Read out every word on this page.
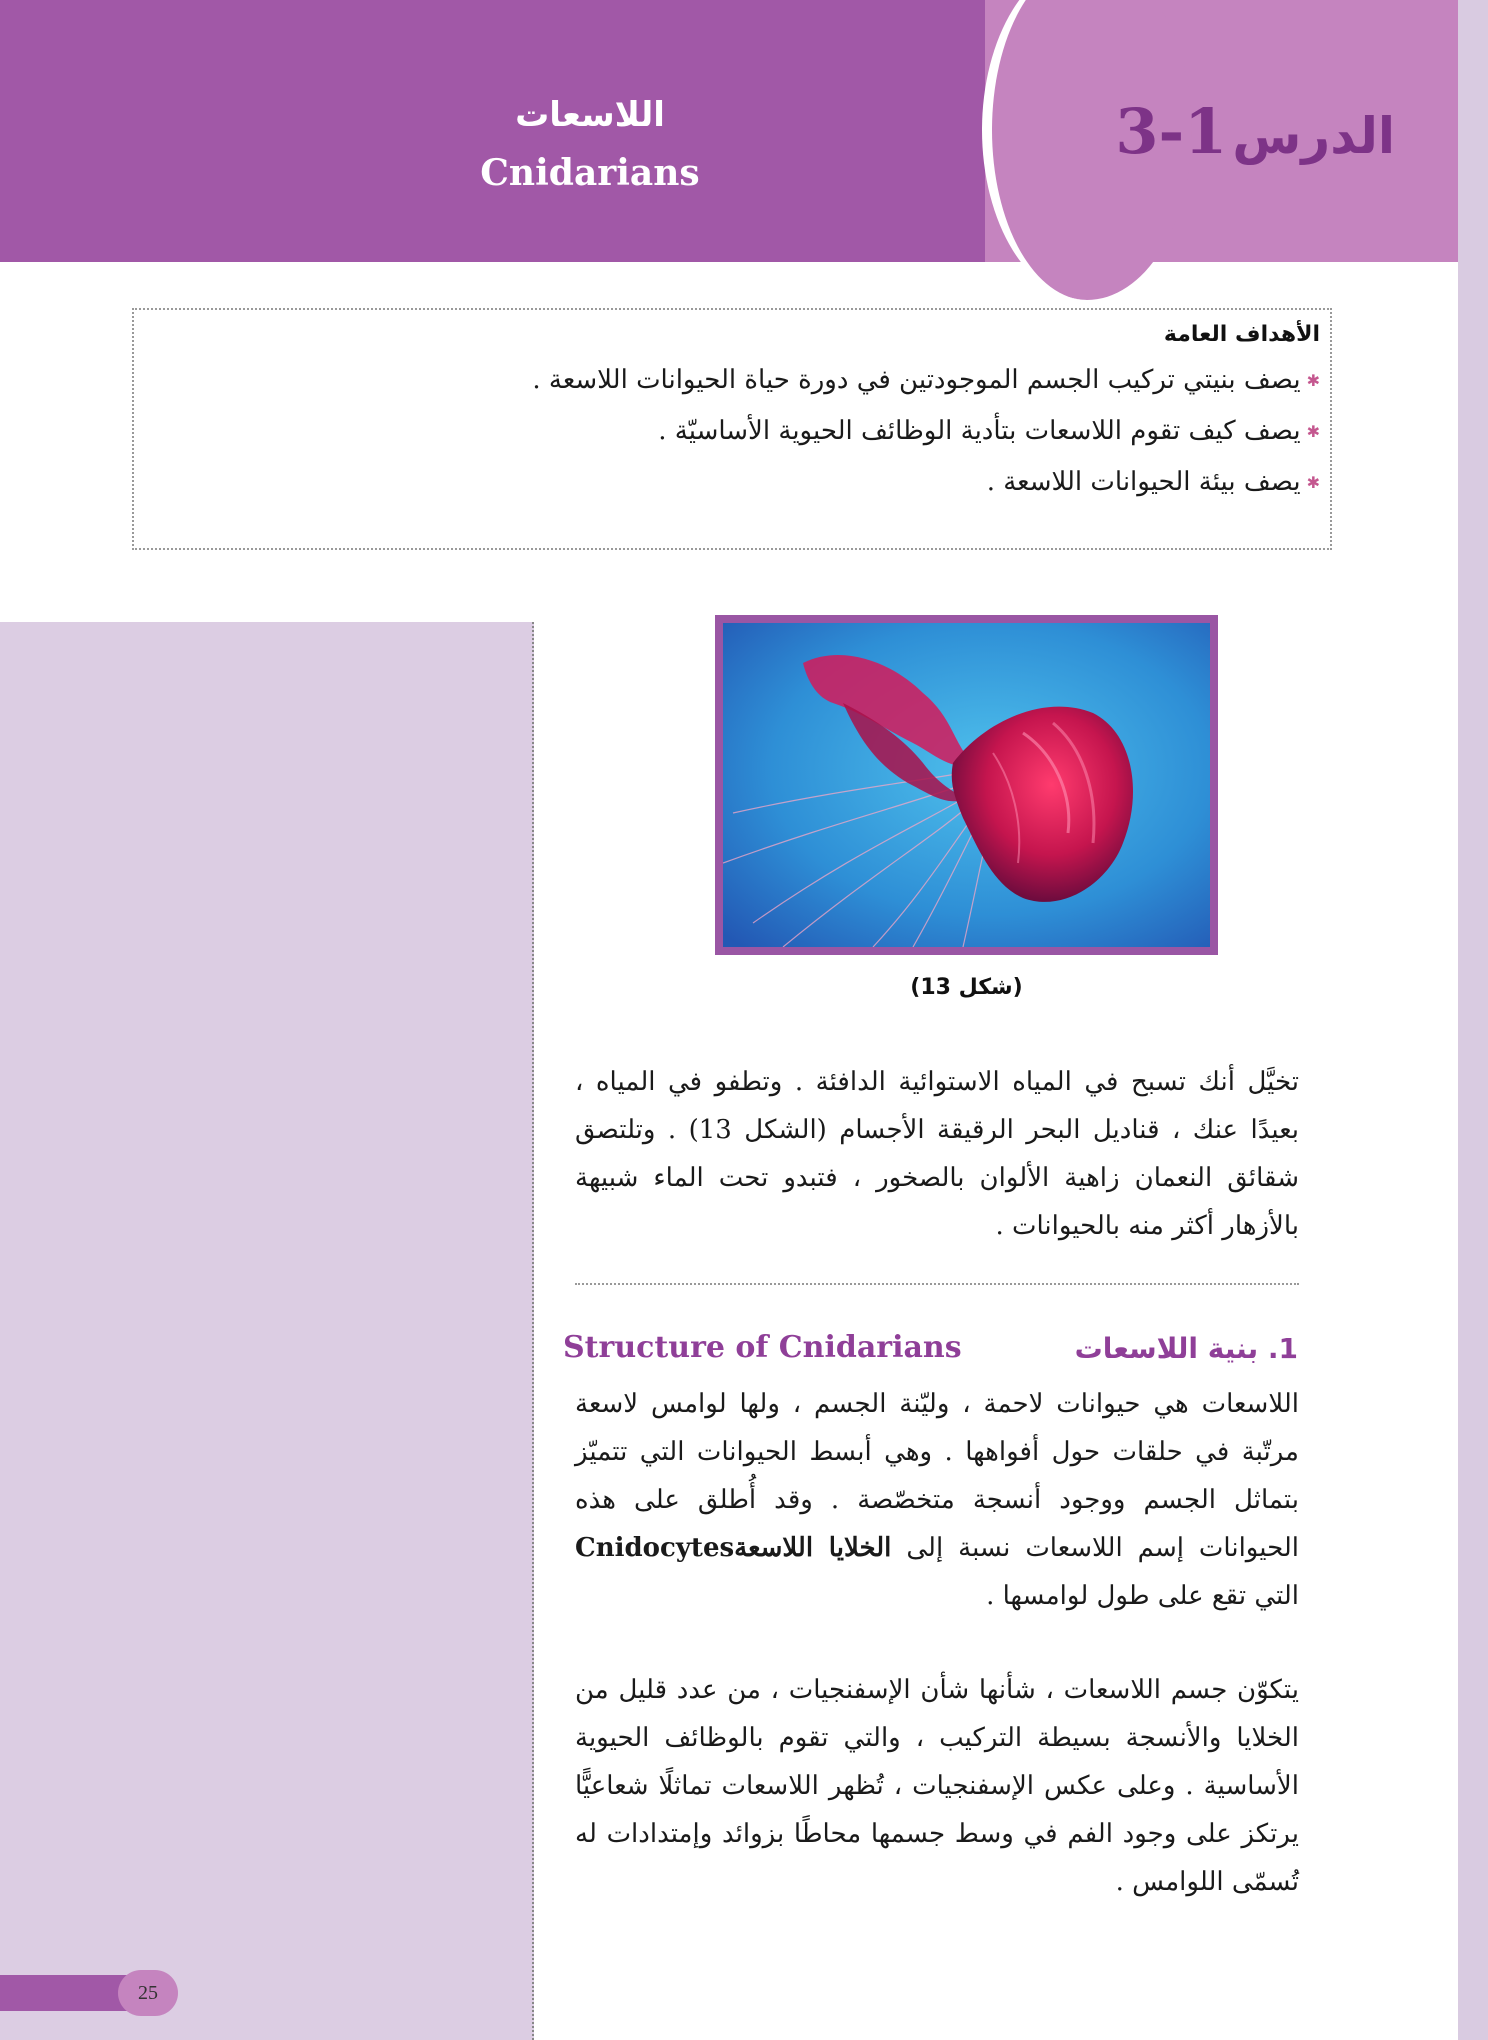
اللاسعات
Cnidarians
الدرس 3-1
الأهداف العامة
✱يصف بنيتي تركيب الجسم الموجودتين في دورة حياة الحيوانات اللاسعة .
✱يصف كيف تقوم اللاسعات بتأدية الوظائف الحيوية الأساسيّة .
✱يصف بيئة الحيوانات اللاسعة .
25
(شكل 13)
تخيَّل أنك تسبح في المياه الاستوائية الدافئة . وتطفو في المياه ، بعيدًا عنك ، قناديل البحر الرقيقة الأجسام (الشكل 13) . وتلتصق شقائق النعمان زاهية الألوان بالصخور ، فتبدو تحت الماء شبيهة بالأزهار أكثر منه بالحيوانات .
1. بنية اللاسعات
Structure of Cnidarians
اللاسعات هي حيوانات لاحمة ، وليّنة الجسم ، ولها لوامس لاسعة مرتّبة في حلقات حول أفواهها . وهي أبسط الحيوانات التي تتميّز بتماثل الجسم ووجود أنسجة متخصّصة . وقد أُطلق على هذه الحيوانات إسم اللاسعات نسبة إلى الخلايا اللاسعةCnidocytes التي تقع على طول لوامسها .
يتكوّن جسم اللاسعات ، شأنها شأن الإسفنجيات ، من عدد قليل من الخلايا والأنسجة بسيطة التركيب ، والتي تقوم بالوظائف الحيوية الأساسية . وعلى عكس الإسفنجيات ، تُظهر اللاسعات تماثلًا شعاعيًّا يرتكز على وجود الفم في وسط جسمها محاطًا بزوائد وإمتدادات له تُسمّى اللوامس .
